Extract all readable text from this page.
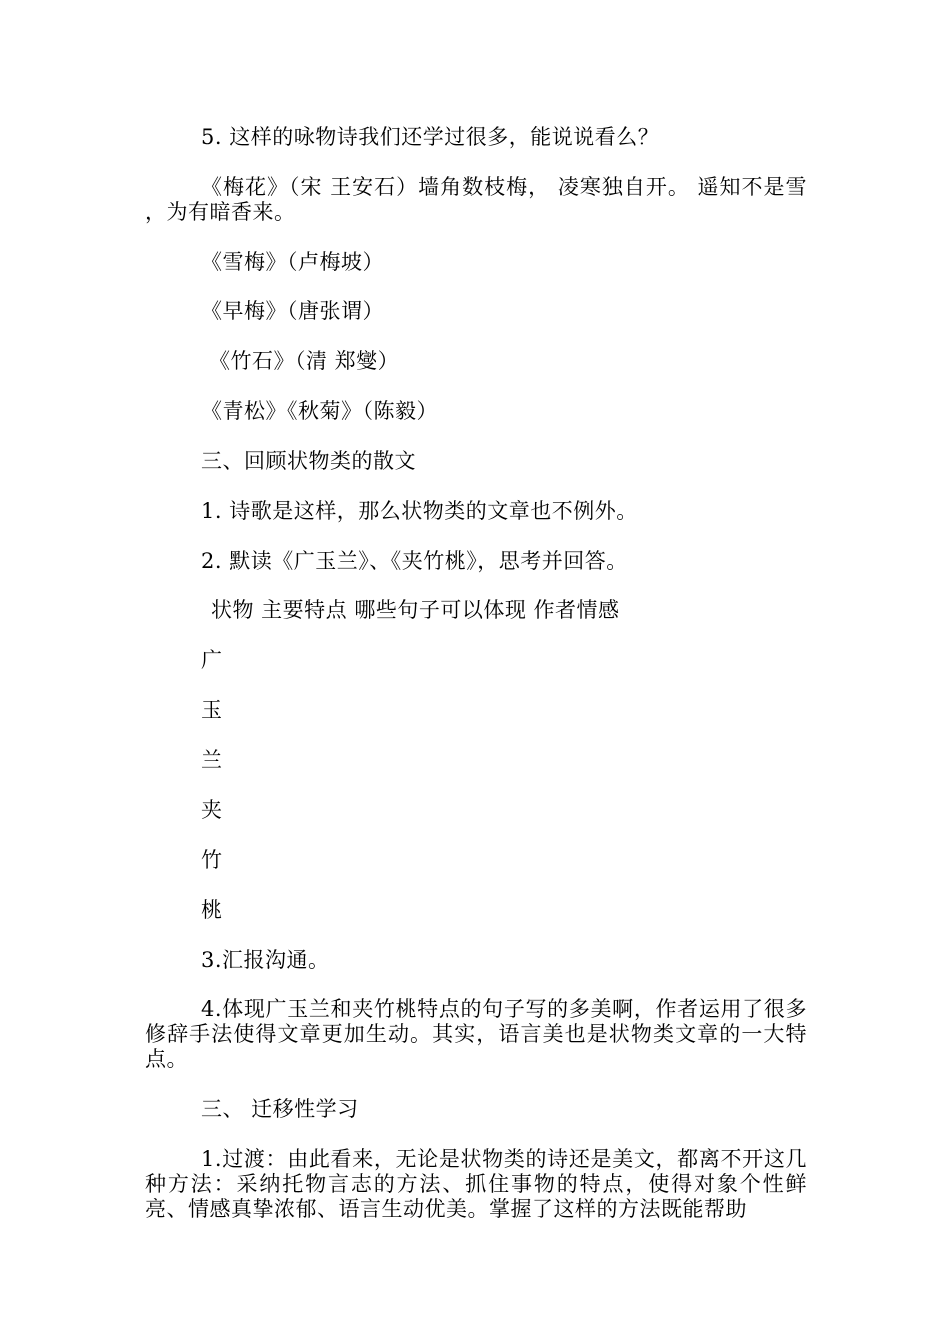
5. 这样的咏物诗我们还学过很多，能说说看么？
《梅花》（宋 王安石）墙角数枝梅， 凌寒独自开。 遥知不是雪 ，为有暗香来。
《雪梅》（卢梅坡）
《早梅》（唐张谓）
《竹石》（清 郑燮）
《青松》《秋菊》（陈毅）
三、回顾状物类的散文
1. 诗歌是这样，那么状物类的文章也不例外。
2. 默读《广玉兰》、《夹竹桃》，思考并回答。
状物 主要特点 哪些句子可以体现 作者情感
广
玉
兰
夹
竹
桃
3.汇报沟通。
4.体现广玉兰和夹竹桃特点的句子写的多美啊，作者运用了很多修辞手法使得文章更加生动。其实，语言美也是状物类文章的一大特点。
三、 迁移性学习
1.过渡：由此看来，无论是状物类的诗还是美文，都离不开这几种方法：采纳托物言志的方法、抓住事物的特点，使得对象个性鲜亮、情感真挚浓郁、语言生动优美。掌握了这样的方法既能帮助
